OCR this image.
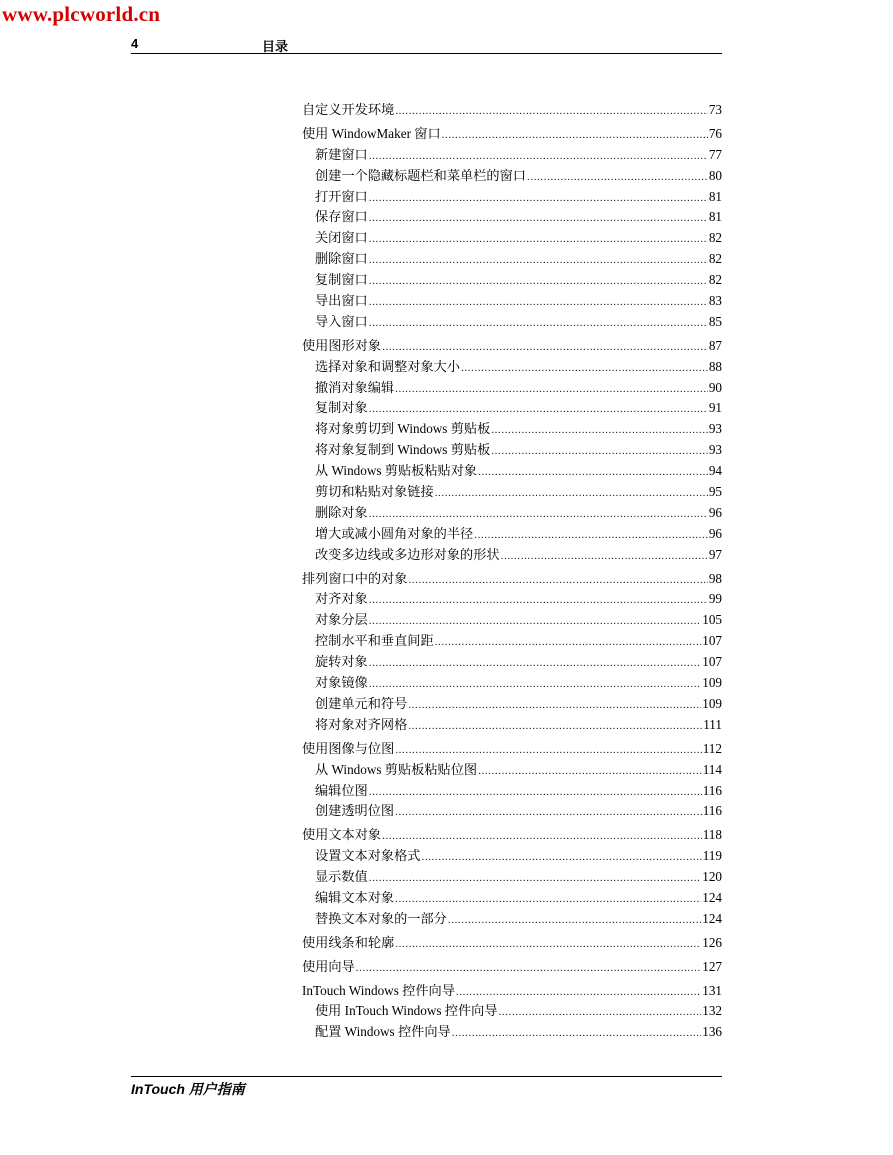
www.plcworld.cn
4	目录
自定义开发环境 .....	73
使用 WindowMaker 窗口 .....	76
新建窗口 .....	77
创建一个隐藏标题栏和菜单栏的窗口 .....	80
打开窗口 .....	81
保存窗口 .....	81
关闭窗口 .....	82
删除窗口 .....	82
复制窗口 .....	82
导出窗口 .....	83
导入窗口 .....	85
使用图形对象 .....	87
选择对象和调整对象大小 .....	88
撤消对象编辑 .....	90
复制对象 .....	91
将对象剪切到 Windows 剪贴板 .....	93
将对象复制到 Windows 剪贴板 .....	93
从 Windows 剪贴板粘贴对象 .....	94
剪切和粘贴对象链接 .....	95
删除对象 .....	96
增大或减小圆角对象的半径 .....	96
改变多边线或多边形对象的形状 .....	97
排列窗口中的对象 .....	98
对齐对象 .....	99
对象分层 .....	105
控制水平和垂直间距 .....	107
旋转对象 .....	107
对象镜像 .....	109
创建单元和符号 .....	109
将对象对齐网格 .....	111
使用图像与位图 .....	112
从 Windows 剪贴板粘贴位图 .....	114
编辑位图 .....	116
创建透明位图 .....	116
使用文本对象 .....	118
设置文本对象格式 .....	119
显示数值 .....	120
编辑文本对象 .....	124
替换文本对象的一部分 .....	124
使用线条和轮廓 .....	126
使用向导 .....	127
InTouch Windows 控件向导 .....	131
使用 InTouch Windows 控件向导 .....	132
配置 Windows 控件向导 .....	136
InTouch 用户指南
